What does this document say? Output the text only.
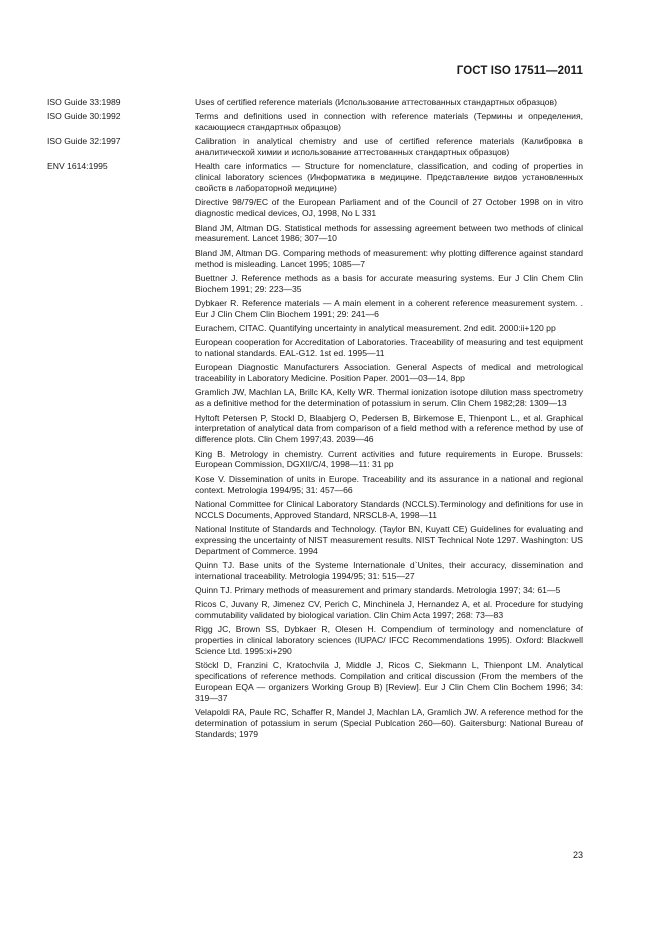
ГОСТ ISO 17511—2011
ISO Guide 33:1989	Uses of certified reference materials (Использование аттестованных стандартных образцов)
ISO Guide 30:1992	Terms and definitions used in connection with reference materials (Термины и определения, касающиеся стандартных образцов)
ISO Guide 32:1997	Calibration in analytical chemistry and use of certified reference materials (Калибровка в аналитической химии и использование аттестованных стандартных образцов)
ENV 1614:1995	Health care informatics — Structure for nomenclature, classification, and coding of properties in clinical laboratory sciences (Информатика в медицине. Представление видов установленных свойств в лабораторной медицине)
Directive 98/79/EC of the European Parliament and of the Council of 27 October 1998 on in vitro diagnostic medical devices, OJ, 1998, No L 331
Bland JM, Altman DG. Statistical methods for assessing agreement between two methods of clinical measurement. Lancet 1986; 307—10
Bland JM, Altman DG. Comparing methods of measurement: why plotting difference against standard method is misleading. Lancet 1995; 1085—7
Buettner J. Reference methods as a basis for accurate measuring systems. Eur J Clin Chem Clin Biochem 1991; 29: 223—35
Dybkaer R. Reference materials — A main element in a coherent reference measurement system. . Eur J Clin Chem Clin Biochem 1991; 29: 241—6
Eurachem, CITAC. Quantifying uncertainty in analytical measurement. 2nd edit. 2000:ii+120 pp
European cooperation for Accreditation of Laboratories. Traceability of measuring and test equipment to national standards. EAL-G12. 1st ed. 1995—11
European Diagnostic Manufacturers Association. General Aspects of medical and metrological traceability in Laboratory Medicine. Position Paper. 2001—03—14, 8pp
Gramlich JW, Machlan LA, Brillc KA, Kelly WR. Thermal ionization isotope dilution mass spectrometry as a definitive method for the determination of potassium in serum. Clin Chem 1982;28: 1309—13
Hyltoft Petersen P, Stockl D, Blaabjerg O, Pedersen B, Birkemose E, Thienpont L., et al. Graphical interpretation of analytical data from comparison of a field method with a reference method by use of difference plots. Clin Chem 1997;43. 2039—46
King B. Metrology in chemistry. Current activities and future requirements in Europe. Brussels: European Commission, DGXII/C/4, 1998—11: 31 pp
Kose V. Dissemination of units in Europe. Traceability and its assurance in a national and regional context. Metrologia 1994/95; 31: 457—66
National Committee for Clinical Laboratory Standards (NCCLS).Terminology and definitions for use in NCCLS Documents, Approved Standard, NRSCL8-A, 1998—11
National Institute of Standards and Technology. (Taylor BN, Kuyatt CE) Guidelines for evaluating and expressing the uncertainty of NIST measurement results. NIST Technical Note 1297. Washington: US Department of Commerce. 1994
Quinn TJ. Base units of the Systeme Internationale d`Unites, their accuracy, dissemination and international traceability. Metrologia 1994/95; 31: 515—27
Quinn TJ. Primary methods of measurement and primary standards. Metrologia 1997; 34: 61—5
Ricos C, Juvany R, Jimenez CV, Perich C, Minchinela J, Hernandez A, et al. Procedure for studying commutability validated by biological variation. Clin Chim Acta 1997; 268: 73—83
Rigg JC, Brown SS, Dybkaer R, Olesen H. Compendium of terminology and nomenclature of properties in clinical laboratory sciences (IUPAC/ IFCC Recommendations 1995). Oxford: Blackwell Science Ltd. 1995:xi+290
Stöckl D, Franzini C, Kratochvila J, Middle J, Ricos C, Siekmann L, Thienpont LM. Analytical specifications of reference methods. Compilation and critical discussion (From the members of the European EQA — organizers Working Group B) [Review]. Eur J Clin Chem Clin Bochem 1996; 34: 319—37
Velapoldi RA, Paule RC, Schaffer R, Mandel J, Machlan LA, Gramlich JW. A reference method for the determination of potassium in serum (Special Publcation 260—60). Gaitersburg: National Bureau of Standards; 1979
23
